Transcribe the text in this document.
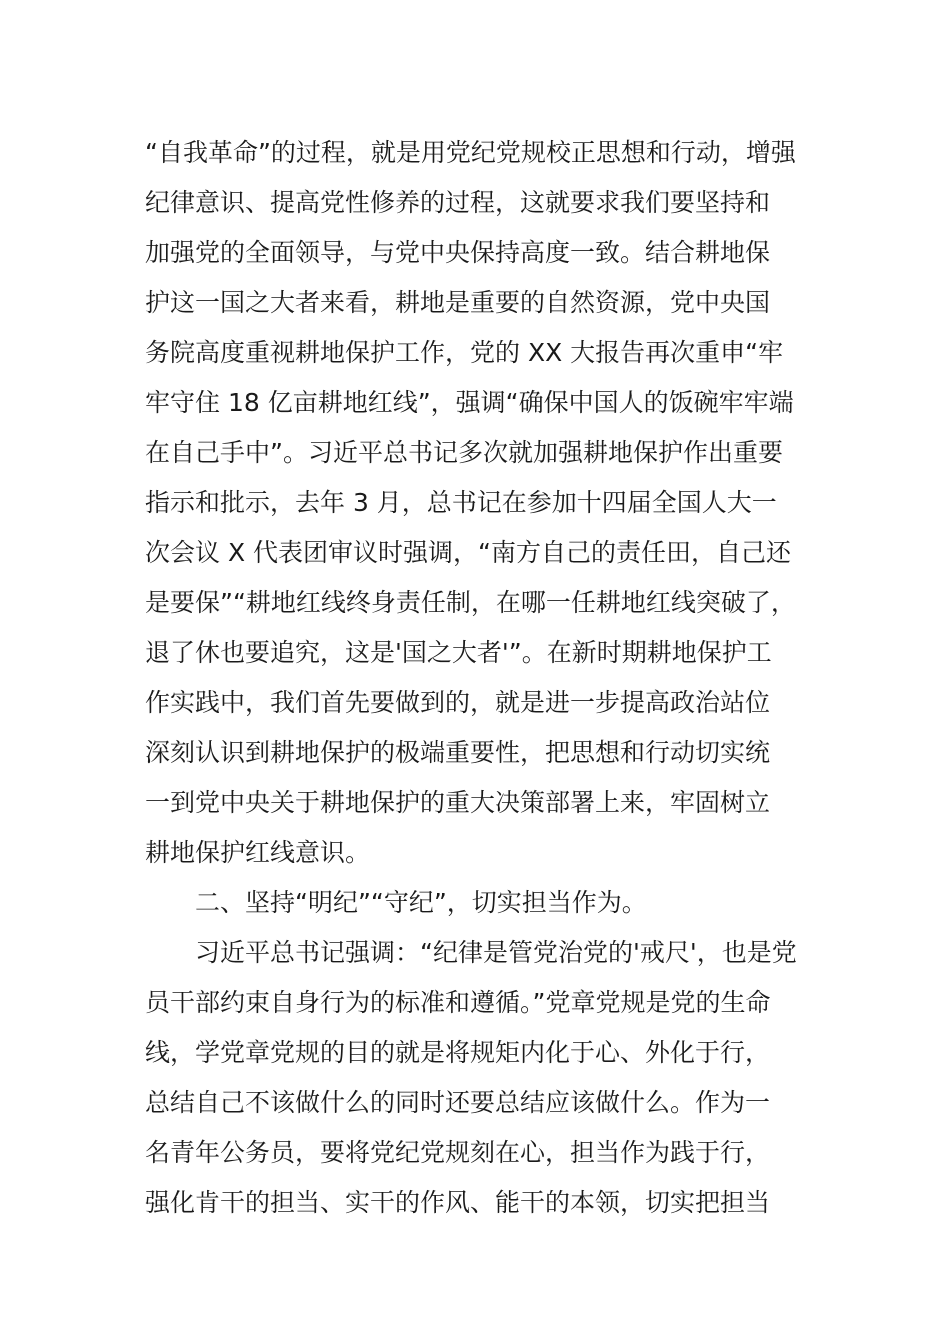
“自我革命”的过程，就是用党纪党规校正思想和行动，增强
纪律意识、提高党性修养的过程，这就要求我们要坚持和
加强党的全面领导，与党中央保持高度一致。结合耕地保
护这一国之大者来看，耕地是重要的自然资源，党中央国
务院高度重视耕地保护工作，党的 XX 大报告再次重申“牢
牢守住 18 亿亩耕地红线”，强调“确保中国人的饭碗牢牢端
在自己手中”。习近平总书记多次就加强耕地保护作出重要
指示和批示，去年 3 月，总书记在参加十四届全国人大一
次会议 X 代表团审议时强调，“南方自己的责任田，自己还
是要保”“耕地红线终身责任制，在哪一任耕地红线突破了，
退了休也要追究，这是'国之大者'”。在新时期耕地保护工
作实践中，我们首先要做到的，就是进一步提高政治站位
深刻认识到耕地保护的极端重要性，把思想和行动切实统
一到党中央关于耕地保护的重大决策部署上来，牢固树立
耕地保护红线意识。
二、坚持“明纪”“守纪”，切实担当作为。
习近平总书记强调：“纪律是管党治党的'戒尺'，也是党
员干部约束自身行为的标准和遵循。”党章党规是党的生命
线，学党章党规的目的就是将规矩内化于心、外化于行，
总结自己不该做什么的同时还要总结应该做什么。作为一
名青年公务员，要将党纪党规刻在心，担当作为践于行，
强化肯干的担当、实干的作风、能干的本领，切实把担当
